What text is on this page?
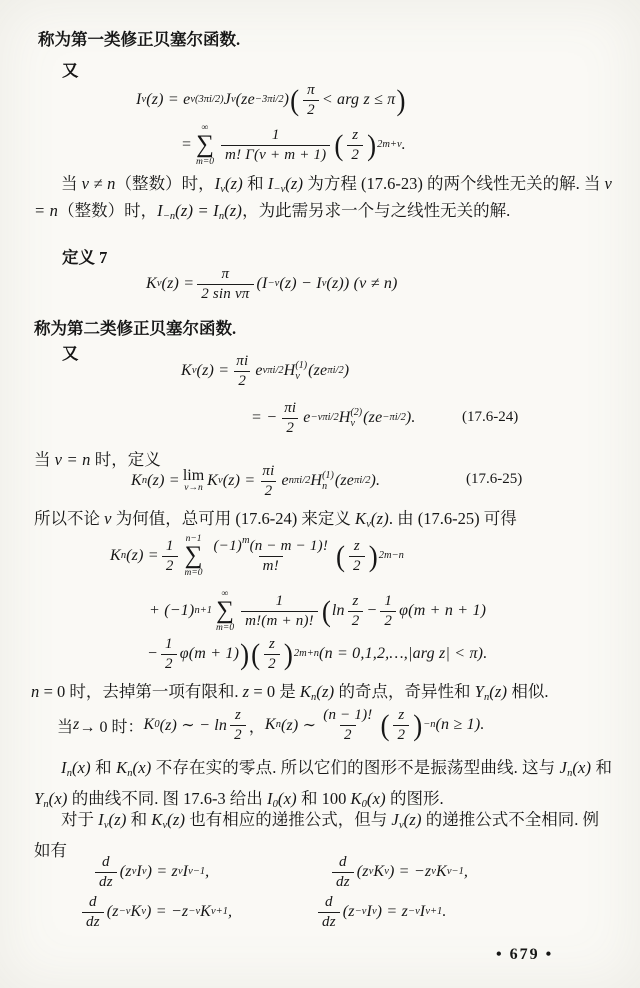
称为第一类修正贝塞尔函数.
又
I ν (z) = e ν(3πi/2) J ν (ze −3πi/2 ) ( π
2
< arg z ≤ π )
=
∞
∑
m=0
1
m! Γ(ν + m + 1) ( z
2 ) 2m+ν .
当 ν ≠ n（整数）时，$I_\nu(z)$ 和 $I_{-\nu}(z)$ 为方程 (17.6-23) 的两个线性无关的解. 当 ν = n（整数）时，$I_{-n}(z) = I_n(z)$，为此需另求一个与之线性无关的解.
定义 7
K ν $(z) = \frac{\pi}{\text{2 sin νπ}} (I -\nu$ (z) − I ν (z)) (ν ≠ n)
称为第二类修正贝塞尔函数.
又
K ν $(z) = \frac{\pi i}{2}$ e νπi/2 H (1)
ν (ze πi/2 )
= − $\frac{\pi i}{2}$ e −νπi/2 H (2)
ν (ze −πi/2 ).	(17.6-24)
当 ν = n 时，定义
K n (z) = lim
ν→n K ν $(z) = \frac{\pi i}{2}$ e nπi/2 H (1)
n (ze πi/2 ).	(17.6-25)
所以不论 ν 为何值，总可用 (17.6-24) 来定义 $K_\nu(z)$. 由 (17.6-25) 可得
K n $(z) = \frac{1}{2} n-1$
∑
m=0
$(-1)^m(n - m - 1)$!
m! ( z
2 ) 2m−n
+ (−1) n+1
∞
∑
m=0
1
m!(m + n)! ( ln
z
2
− $\frac{1}{2} \varphi(m + n + 1)$
− $\frac{1}{2} \varphi(m + 1)$ ) ( z
2 ) 2m+n (n = 0,1,2,…,|arg z| < π).
n = 0 时，去掉第一项有限和. z = 0 是 $K_n(z)$ 的奇点，奇异性和 $Y_n(z)$ 相似.
当 z → 0 时： K 0 (z) ∼ − ln
z
2 ， K n (z) ∼
(n − 1)!
2 ( z
2 ) −n (n ≥ 1).
$I_n(x)$ 和 $K_n(x)$ 不存在实的零点. 所以它们的图形不是振荡型曲线. 这与 $J_n(x)$ 和 $Y_n(x)$ 的曲线不同. 图 17.6-3 给出 $I_0(x)$ 和 100 $K_0(x)$ 的图形.
对于 $I_\nu(z)$ 和 $K_\nu(z)$ 也有相应的递推公式，但与 $J_\nu(z)$ 的递推公式不全相同. 例如有
d
dz
(z ν I ν ) = z ν I ν−1 ,
d
dz
(z ν K ν ) = −z ν K ν−1 ,
d
dz
(z −ν K ν ) = −z −ν K ν+1 ,
d
dz
(z −ν I ν ) = z −ν I ν+1 .
• 679 •
